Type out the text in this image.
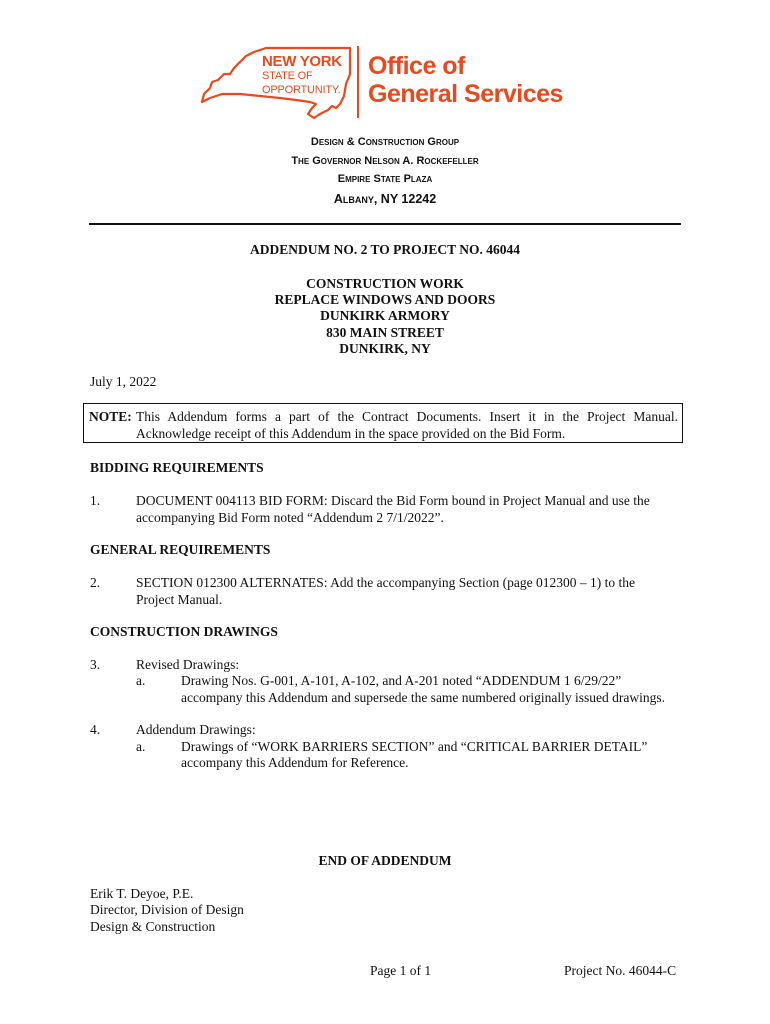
NEW YORK
STATE OF
OPPORTUNITY.
Office of
General Services
Design & Construction Group
The Governor Nelson A. Rockefeller
Empire State Plaza
Albany, NY 12242
ADDENDUM NO. 2 TO PROJECT NO. 46044
CONSTRUCTION WORK
REPLACE WINDOWS AND DOORS
DUNKIRK ARMORY
830 MAIN STREET
DUNKIRK, NY
July 1, 2022
NOTE: This Addendum forms a part of the Contract Documents. Insert it in the Project Manual.
Acknowledge receipt of this Addendum in the space provided on the Bid Form.
BIDDING REQUIREMENTS
1.	DOCUMENT 004113 BID FORM: Discard the Bid Form bound in Project Manual and use the
accompanying Bid Form noted “Addendum 2 7/1/2022”.
GENERAL REQUIREMENTS
2.	SECTION 012300 ALTERNATES: Add the accompanying Section (page 012300 – 1) to the
Project Manual.
CONSTRUCTION DRAWINGS
3.	Revised Drawings:
a.	Drawing Nos. G-001, A-101, A-102, and A-201 noted “ADDENDUM 1 6/29/22”
accompany this Addendum and supersede the same numbered originally issued drawings.
4.	Addendum Drawings:
a.	Drawings of “WORK BARRIERS SECTION” and “CRITICAL BARRIER DETAIL”
accompany this Addendum for Reference.
END OF ADDENDUM
Erik T. Deyoe, P.E.
Director, Division of Design
Design & Construction
Page 1 of 1	Project No. 46044-C
